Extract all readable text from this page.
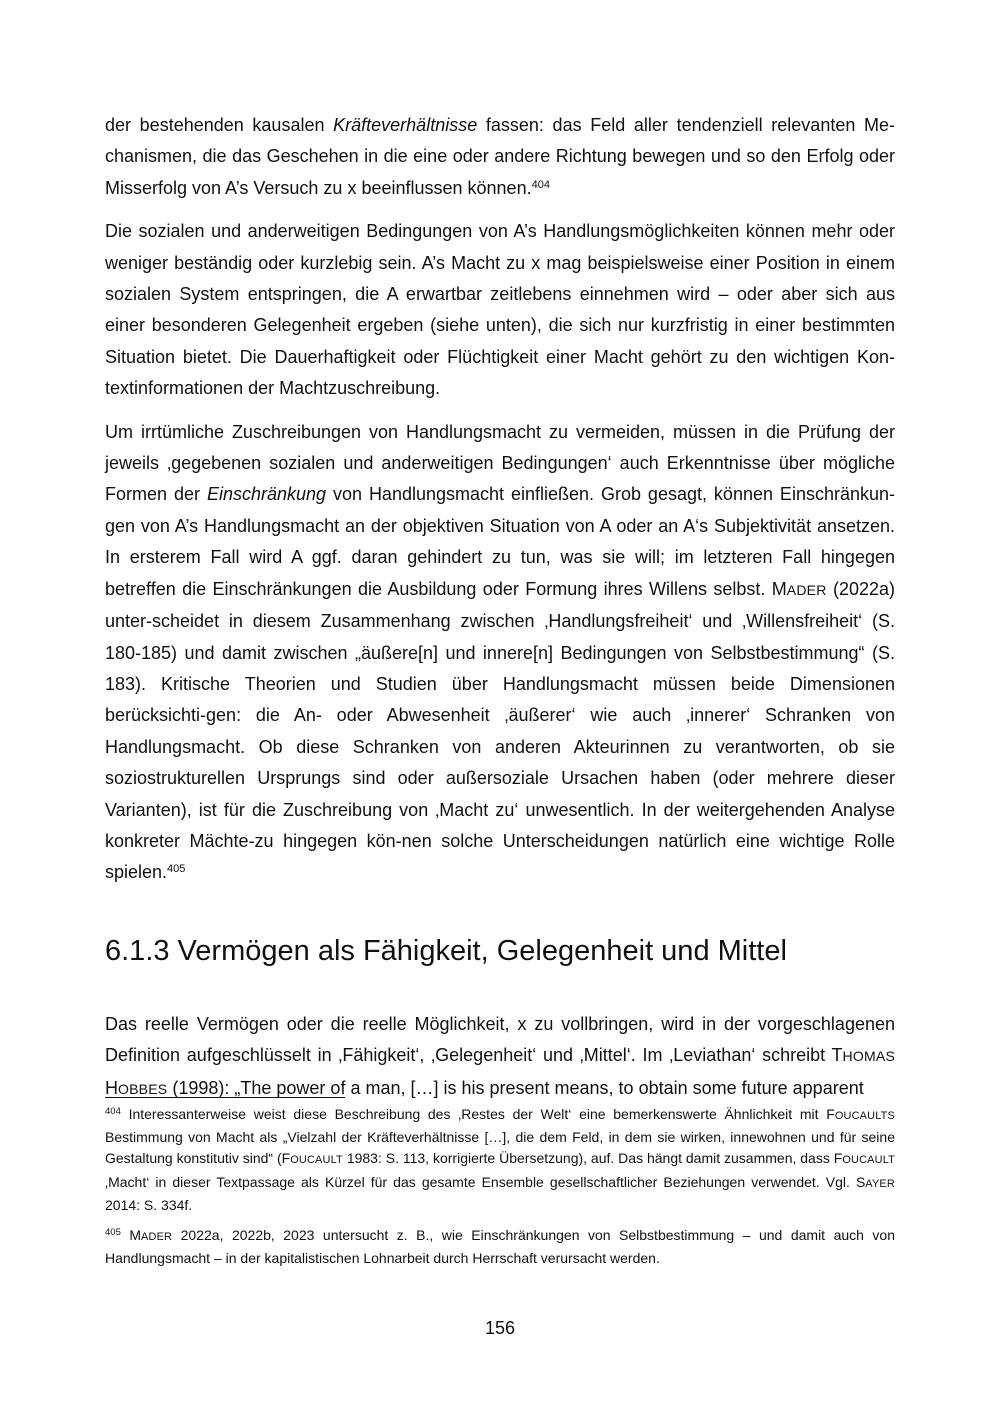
der bestehenden kausalen Kräfteverhältnisse fassen: das Feld aller tendenziell relevanten Me-chanismen, die das Geschehen in die eine oder andere Richtung bewegen und so den Erfolg oder Misserfolg von A’s Versuch zu x beeinflussen können.$^{404}$

Die sozialen und anderweitigen Bedingungen von A’s Handlungsmöglichkeiten können mehr oder weniger beständig oder kurzlebig sein. A’s Macht zu x mag beispielsweise einer Position in einem sozialen System entspringen, die A erwartbar zeitlebens einnehmen wird – oder aber sich aus einer besonderen Gelegenheit ergeben (siehe unten), die sich nur kurzfristig in einer bestimmten Situation bietet. Die Dauerhaftigkeit oder Flüchtigkeit einer Macht gehört zu den wichtigen Kon-textinformationen der Machtzuschreibung.

Um irrtümliche Zuschreibungen von Handlungsmacht zu vermeiden, müssen in die Prüfung der jeweils ‚gegebenen sozialen und anderweitigen Bedingungen‘ auch Erkenntnisse über mögliche Formen der Einschränkung von Handlungsmacht einfließen. Grob gesagt, können Einschränkun-gen von A’s Handlungsmacht an der objektiven Situation von A oder an A‘s Subjektivität ansetzen. In ersterem Fall wird A ggf. daran gehindert zu tun, was sie will; im letzteren Fall hingegen betreffen die Einschränkungen die Ausbildung oder Formung ihres Willens selbst. MADER (2022a) unter-scheidet in diesem Zusammenhang zwischen ‚Handlungsfreiheit‘ und ‚Willensfreiheit‘ (S. 180-185) und damit zwischen „äußere[n] und innere[n] Bedingungen von Selbstbestimmung“ (S. 183). Kritische Theorien und Studien über Handlungsmacht müssen beide Dimensionen berücksichti-gen: die An- oder Abwesenheit ‚äußerer‘ wie auch ‚innerer‘ Schranken von Handlungsmacht. Ob diese Schranken von anderen Akteurinnen zu verantworten, ob sie soziostrukturellen Ursprungs sind oder außersoziale Ursachen haben (oder mehrere dieser Varianten), ist für die Zuschreibung von ‚Macht zu‘ unwesentlich. In der weitergehenden Analyse konkreter Mächte-zu hingegen kön-nen solche Unterscheidungen natürlich eine wichtige Rolle spielen.$^{405}$

6.1.3 Vermögen als Fähigkeit, Gelegenheit und Mittel

Das reelle Vermögen oder die reelle Möglichkeit, x zu vollbringen, wird in der vorgeschlagenen Definition aufgeschlüsselt in ‚Fähigkeit‘, ‚Gelegenheit‘ und ‚Mittel‘. Im ‚Leviathan‘ schreibt THOMAS HOBBES (1998): „The power of a man, […] is his present means, to obtain some future apparent

$^{404}$ Interessanterweise weist diese Beschreibung des ‚Restes der Welt‘ eine bemerkenswerte Ähnlichkeit mit FOUCAULTS Bestimmung von Macht als „Vielzahl der Kräfteverhältnisse […], die dem Feld, in dem sie wirken, innewohnen und für seine Gestaltung konstitutiv sind“ (FOUCAULT 1983: S. 113, korrigierte Übersetzung), auf. Das hängt damit zusammen, dass FOUCAULT ‚Macht‘ in dieser Textpassage als Kürzel für das gesamte Ensemble gesellschaftlicher Beziehungen verwendet. Vgl. SAYER 2014: S. 334f.

$^{405}$ MADER 2022a, 2022b, 2023 untersucht z. B., wie Einschränkungen von Selbstbestimmung – und damit auch von Handlungsmacht – in der kapitalistischen Lohnarbeit durch Herrschaft verursacht werden.

156
